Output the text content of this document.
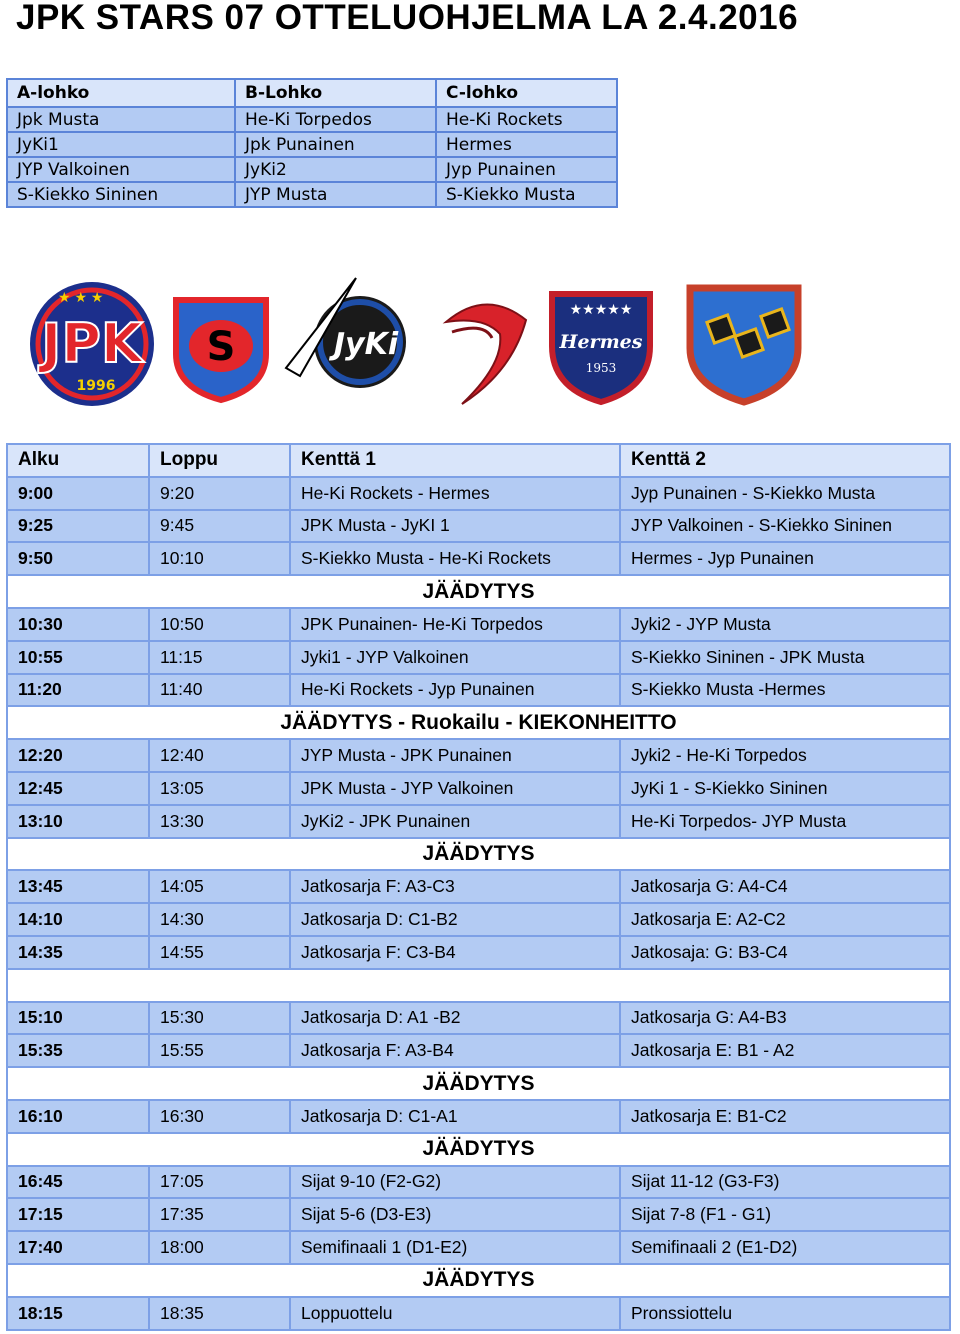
JPK STARS 07 OTTELUOHJELMA LA 2.4.2016
A-lohko	B-Lohko	C-lohko
Jpk Musta	He-Ki Torpedos	He-Ki Rockets
JyKi1	Jpk Punainen	Hermes
JYP Valkoinen	JyKi2	Jyp Punainen
S-Kiekko Sininen	JYP Musta	S-Kiekko Musta
★ ★ ★
JPK
1996
S	JyKi
★★★★★
Hermes
1953
Alku	Loppu	Kenttä 1	Kenttä 2
9:00	9:20	He-Ki Rockets - Hermes	Jyp Punainen - S-Kiekko Musta
9:25	9:45	JPK Musta - JyKI 1	JYP Valkoinen - S-Kiekko Sininen
9:50	10:10	S-Kiekko Musta - He-Ki Rockets	Hermes - Jyp Punainen
JÄÄDYTYS			
10:30	10:50	JPK Punainen- He-Ki Torpedos	Jyki2 - JYP Musta
10:55	11:15	Jyki1 - JYP Valkoinen	S-Kiekko Sininen - JPK Musta
11:20	11:40	He-Ki Rockets - Jyp Punainen	S-Kiekko Musta -Hermes
JÄÄDYTYS - Ruokailu - KIEKONHEITTO			
12:20	12:40	JYP Musta - JPK Punainen	Jyki2 - He-Ki Torpedos
12:45	13:05	JPK Musta - JYP Valkoinen	JyKi 1 - S-Kiekko Sininen
13:10	13:30	JyKi2 - JPK Punainen	He-Ki Torpedos- JYP Musta
JÄÄDYTYS			
13:45	14:05	Jatkosarja F: A3-C3	Jatkosarja G: A4-C4
14:10	14:30	Jatkosarja D: C1-B2	Jatkosarja E: A2-C2
14:35	14:55	Jatkosarja F: C3-B4	Jatkosaja: G: B3-C4

15:10	15:30	Jatkosarja D: A1 -B2	Jatkosarja G: A4-B3
15:35	15:55	Jatkosarja F: A3-B4	Jatkosarja E: B1 - A2
JÄÄDYTYS			
16:10	16:30	Jatkosarja D: C1-A1	Jatkosarja E: B1-C2
JÄÄDYTYS			
16:45	17:05	Sijat 9-10 (F2-G2)	Sijat 11-12 (G3-F3)
17:15	17:35	Sijat 5-6 (D3-E3)	Sijat 7-8 (F1 - G1)
17:40	18:00	Semifinaali 1 (D1-E2)	Semifinaali 2 (E1-D2)
JÄÄDYTYS			
18:15	18:35	Loppuottelu	Pronssiottelu
